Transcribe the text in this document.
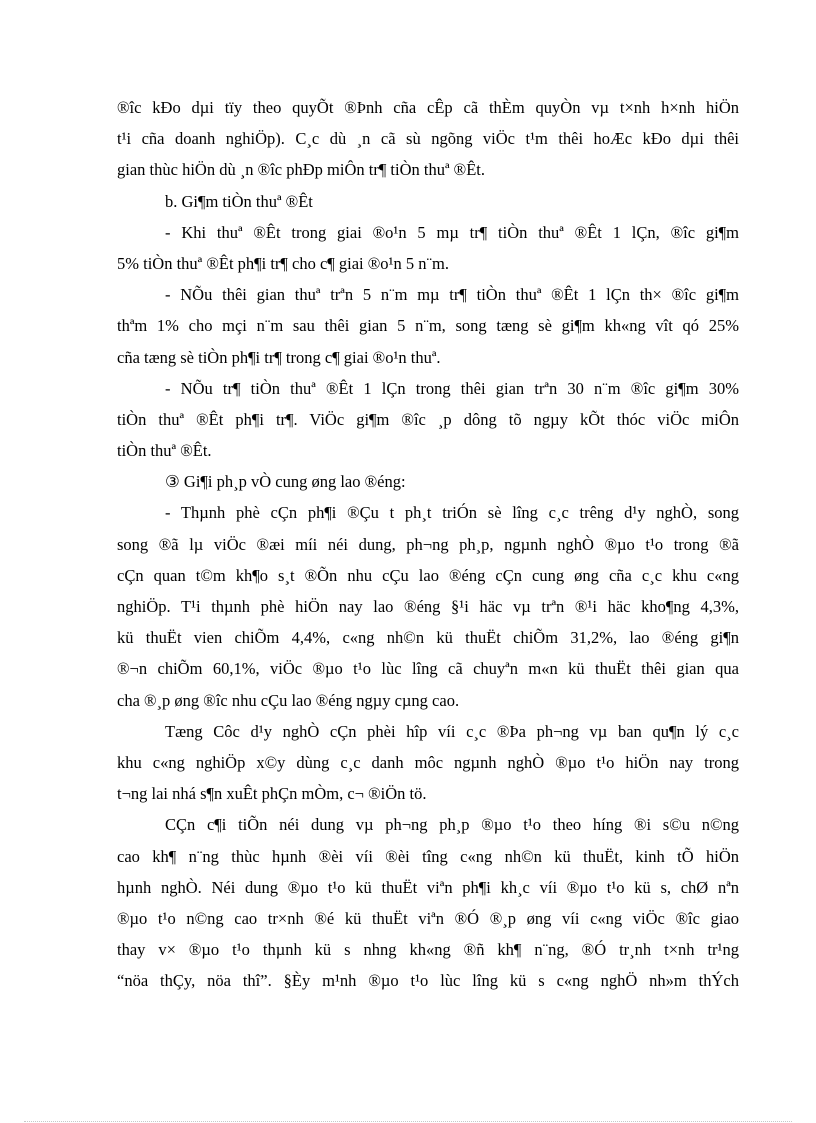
®îc kÐo dµi tïy theo quyÕt ®Þnh cña cÊp cã thÈm quyÒn vµ t×nh h×nh hiÖn
t¹i cña doanh nghiÖp). C¸c dù ¸n cã sù ngõng viÖc t¹m thêi hoÆc kÐo dµi thêi
gian thùc hiÖn dù ¸n ®îc phÐp miÔn tr¶ tiÒn thuª ®Êt.
b. Gi¶m tiÒn thuª ®Êt
- Khi thuª ®Êt trong giai ®o¹n 5 mµ tr¶ tiÒn thuª ®Êt 1 lÇn, ®îc gi¶m
5% tiÒn thuª ®Êt ph¶i tr¶ cho c¶ giai ®o¹n 5 n¨m.
- NÕu thêi gian thuª trªn 5 n¨m mµ tr¶ tiÒn thuª ®Êt 1 lÇn th× ®îc gi¶m
thªm 1% cho mçi n¨m sau thêi gian 5 n¨m, song tæng sè gi¶m kh«ng vît qó 25%
cña tæng sè tiÒn ph¶i tr¶ trong c¶ giai ®o¹n thuª.
- NÕu tr¶ tiÒn thuª ®Êt 1 lÇn trong thêi gian trªn 30 n¨m ®îc gi¶m 30%
tiÒn thuª ®Êt ph¶i tr¶. ViÖc gi¶m ®îc ¸p dông tõ ngµy kÕt thóc viÖc miÔn
tiÒn thuª ®Êt.
③ Gi¶i ph¸p vÒ cung øng lao ®éng:
- Thµnh phè cÇn ph¶i ®Çu t ph¸t triÓn sè lîng c¸c trêng d¹y nghÒ, song
song ®ã lµ viÖc ®æi míi néi dung, ph¬ng ph¸p, ngµnh nghÒ ®µo t¹o trong ®ã
cÇn quan t©m kh¶o s¸t ®Õn nhu cÇu lao ®éng cÇn cung øng cña c¸c khu c«ng
nghiÖp. T¹i thµnh phè hiÖn nay lao ®éng §¹i häc vµ trªn ®¹i häc kho¶ng 4,3%,
kü thuËt vien chiÕm 4,4%, c«ng nh©n kü thuËt chiÕm 31,2%, lao ®éng gi¶n
®¬n chiÕm 60,1%, viÖc ®µo t¹o lùc lîng cã chuyªn m«n kü thuËt thêi gian qua
cha ®¸p øng ®îc nhu cÇu lao ®éng ngµy cµng cao.
Tæng Côc d¹y nghÒ cÇn phèi hîp víi c¸c ®Þa ph¬ng vµ ban qu¶n lý c¸c
khu c«ng nghiÖp x©y dùng c¸c danh môc ngµnh nghÒ ®µo t¹o hiÖn nay trong
t¬ng lai nhá s¶n xuÊt phÇn mÒm, c¬ ®iÖn tö.
CÇn c¶i tiÕn néi dung vµ ph¬ng ph¸p ®µo t¹o theo híng ®i s©u n©ng
cao kh¶ n¨ng thùc hµnh ®èi víi ®èi tîng c«ng nh©n kü thuËt, kinh tÕ hiÖn
hµnh nghÒ. Néi dung ®µo t¹o kü thuËt viªn ph¶i kh¸c víi ®µo t¹o kü s, chØ nªn
®µo t¹o n©ng cao tr×nh ®é kü thuËt viªn ®Ó ®¸p øng víi c«ng viÖc ®îc giao
thay v× ®µo t¹o thµnh kü s nhng kh«ng ®ñ kh¶ n¨ng, ®Ó tr¸nh t×nh tr¹ng
“nöa thÇy, nöa thî”. §Èy m¹nh ®µo t¹o lùc lîng kü s c«ng nghÖ nh»m thÝch
